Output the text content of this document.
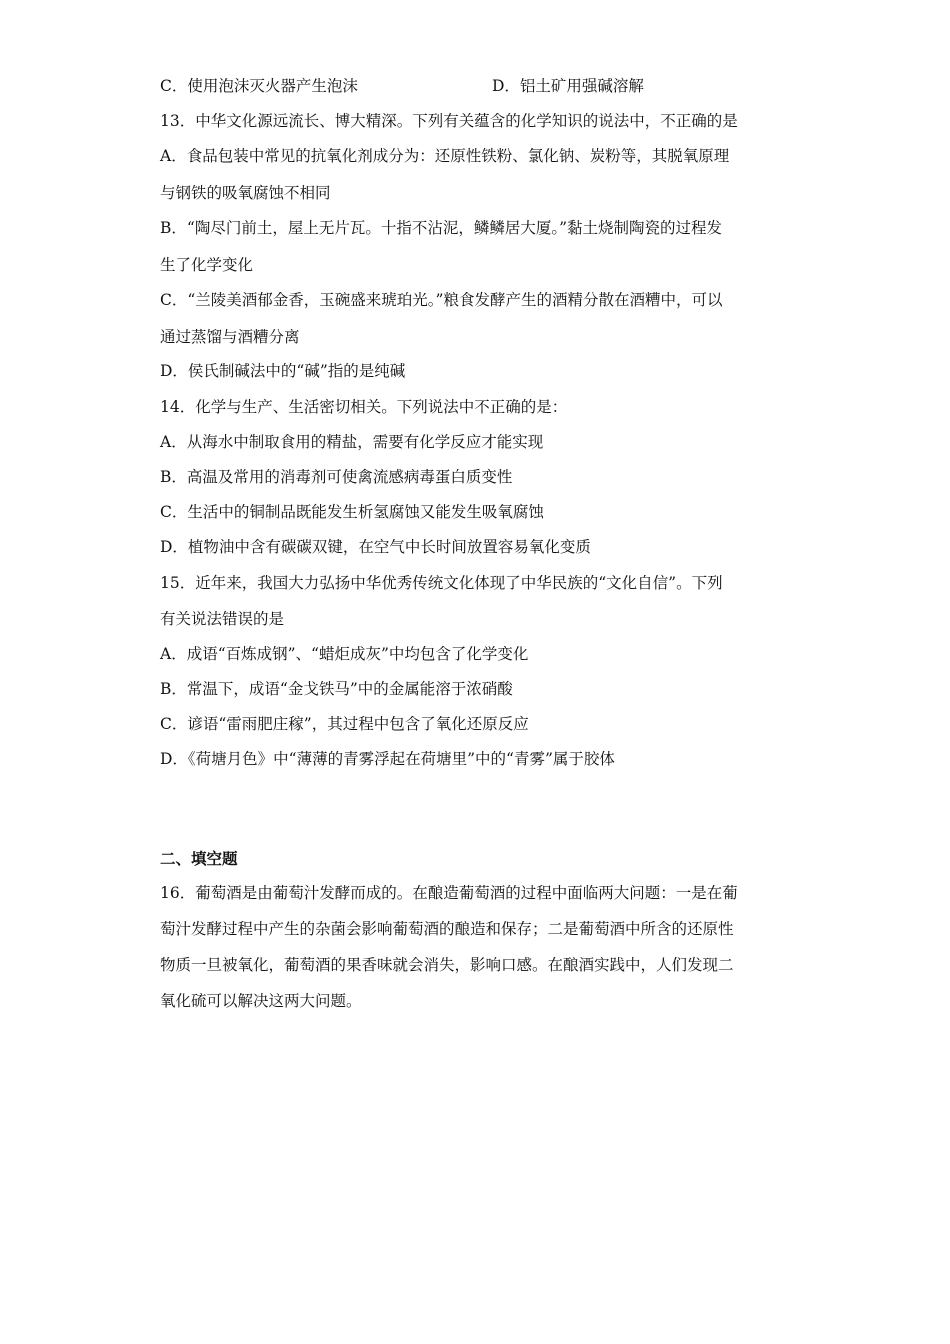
C．使用泡沫灭火器产生泡沫	D．铝土矿用强碱溶解
13．中华文化源远流长、博大精深。下列有关蕴含的化学知识的说法中，不正确的是
A．食品包装中常见的抗氧化剂成分为：还原性铁粉、氯化钠、炭粉等，其脱氧原理
与钢铁的吸氧腐蚀不相同
B．“陶尽门前土，屋上无片瓦。十指不沾泥，鳞鳞居大厦。”黏土烧制陶瓷的过程发
生了化学变化
C．“兰陵美酒郁金香，玉碗盛来琥珀光。”粮食发酵产生的酒精分散在酒糟中，可以
通过蒸馏与酒糟分离
D．侯氏制碱法中的“碱”指的是纯碱
14．化学与生产、生活密切相关。下列说法中不正确的是：
A．从海水中制取食用的精盐，需要有化学反应才能实现
B．高温及常用的消毒剂可使禽流感病毒蛋白质变性
C．生活中的铜制品既能发生析氢腐蚀又能发生吸氧腐蚀
D．植物油中含有碳碳双键，在空气中长时间放置容易氧化变质
15．近年来，我国大力弘扬中华优秀传统文化体现了中华民族的“文化自信”。下列
有关说法错误的是
A．成语“百炼成钢”、“蜡炬成灰”中均包含了化学变化
B．常温下，成语“金戈铁马”中的金属能溶于浓硝酸
C．谚语“雷雨肥庄稼”，其过程中包含了氧化还原反应
D．《荷塘月色》中“薄薄的青雾浮起在荷塘里”中的“青雾”属于胶体
二、填空题
16．葡萄酒是由葡萄汁发酵而成的。在酿造葡萄酒的过程中面临两大问题：一是在葡
萄汁发酵过程中产生的杂菌会影响葡萄酒的酿造和保存；二是葡萄酒中所含的还原性
物质一旦被氧化，葡萄酒的果香味就会消失，影响口感。在酿酒实践中，人们发现二
氧化硫可以解决这两大问题。
